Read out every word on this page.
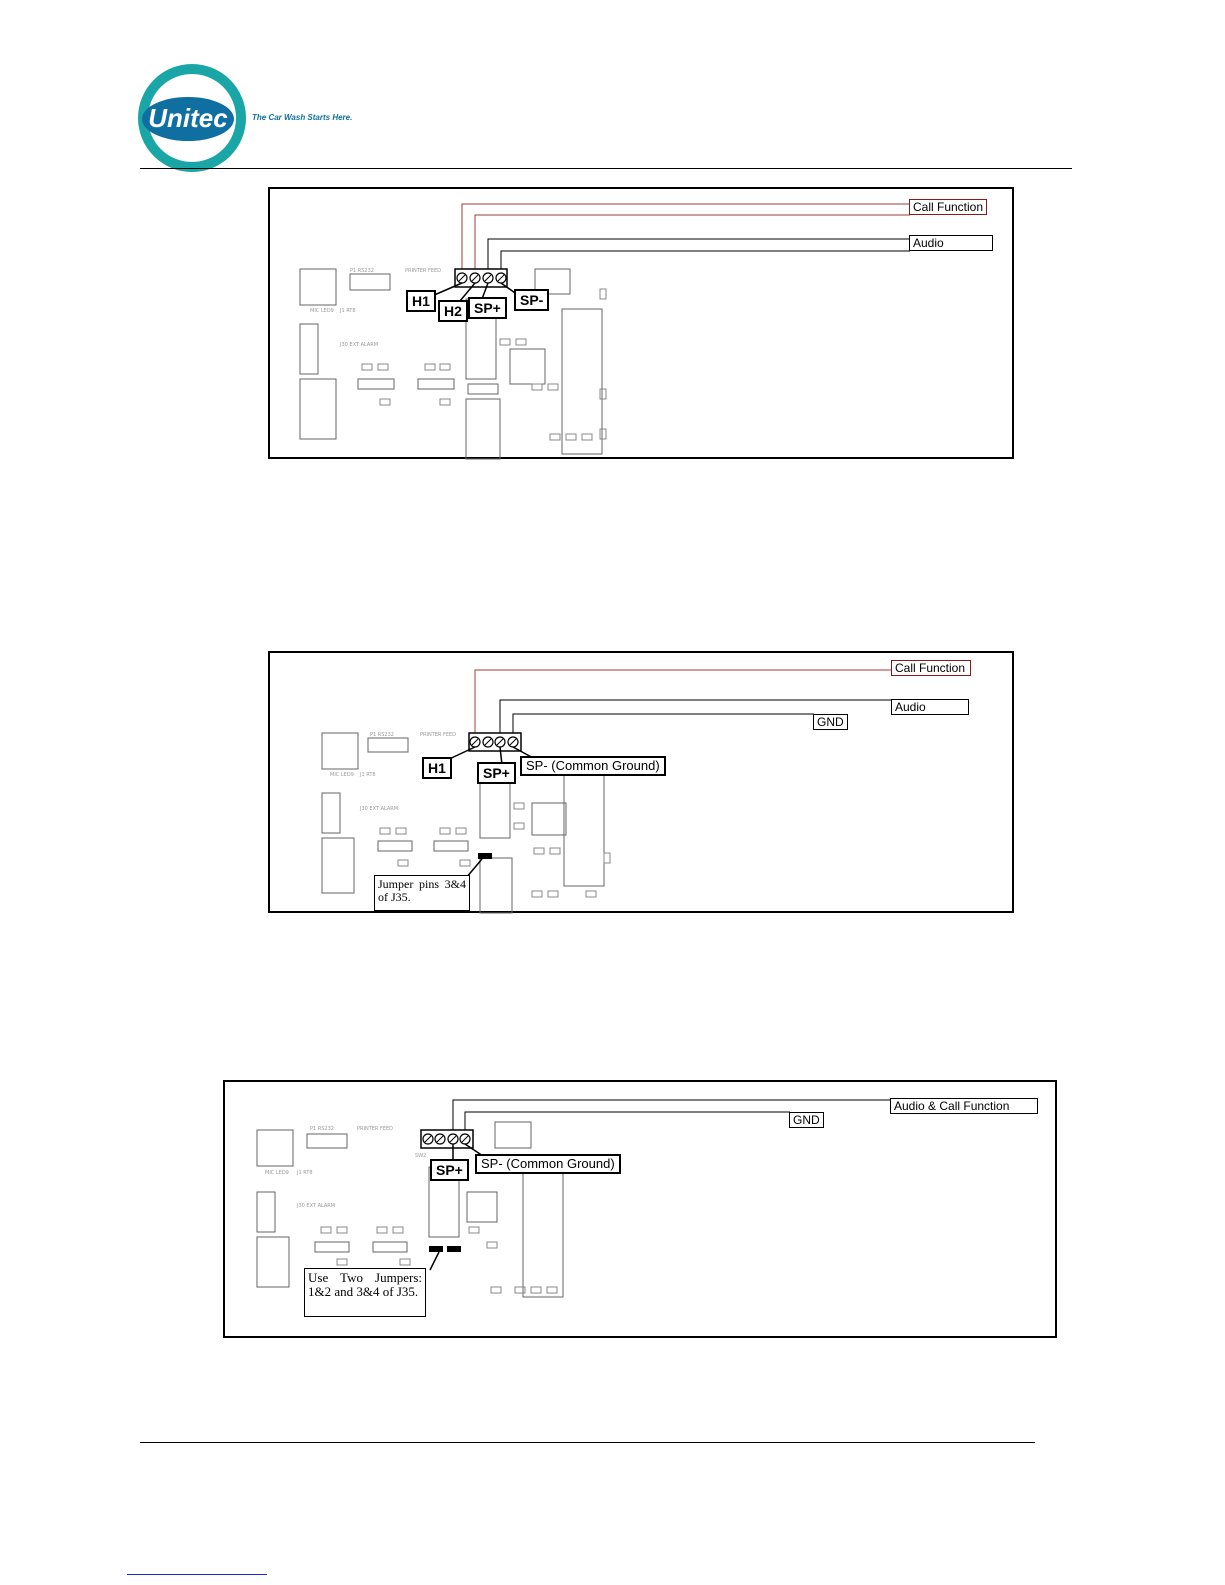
Unitec	The Car Wash Starts Here.
PRINTER FEED
P1 RS232
MIC LED9 J1 RT8
J30 EXT ALARM
Call Function
Audio
H1
H2 SP+	SP-
PRINTER FEED
P1 RS232
MIC LED9 J1 RT8
J30 EXT ALARM
Call Function
Audio
GND
H1	SP+	SP- (Common Ground)
Jumper pins 3&4 of J35.
PRINTER FEED
P1 RS232
MIC LED9 J1 RT8
J30 EXT ALARM
SW2
Audio & Call Function
GND
SP+	SP- (Common Ground)
Use Two Jumpers: 1&2 and 3&4 of J35.
